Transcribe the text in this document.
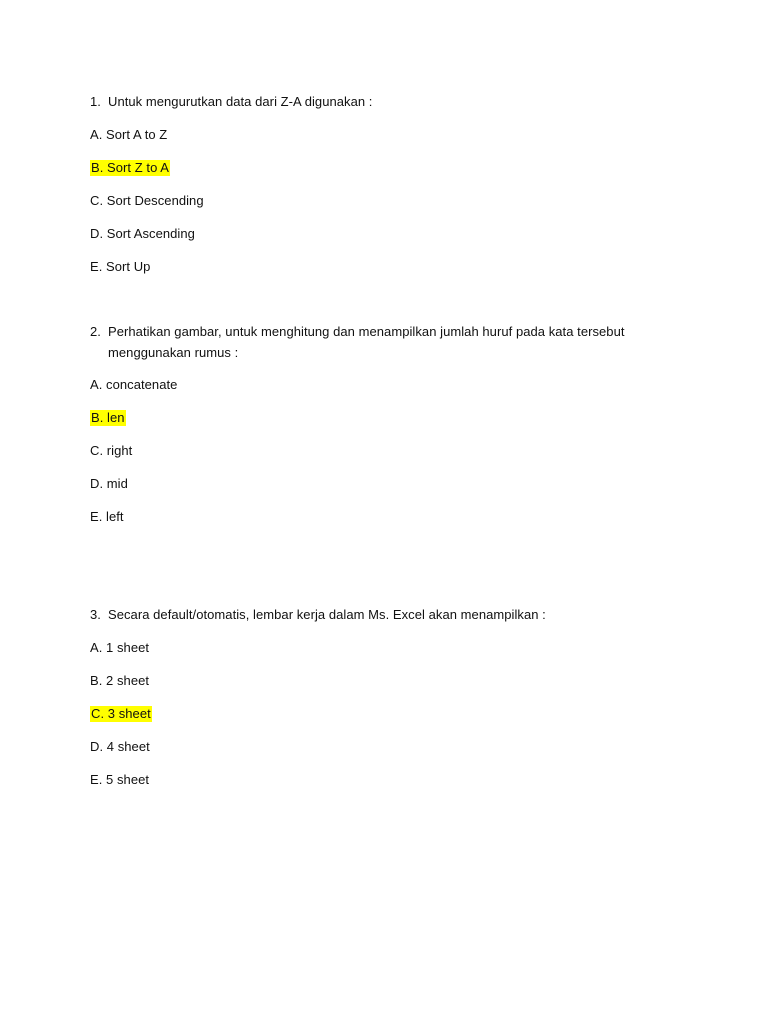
1. Untuk mengurutkan data dari Z-A digunakan :
A. Sort A to Z
B. Sort Z to A
C. Sort Descending
D. Sort Ascending
E. Sort Up
2. Perhatikan gambar, untuk menghitung dan menampilkan jumlah huruf pada kata tersebut
menggunakan rumus :
A. concatenate
B. len
C. right
D. mid
E. left
3. Secara default/otomatis, lembar kerja dalam Ms. Excel akan menampilkan :
A. 1 sheet
B. 2 sheet
C. 3 sheet
D. 4 sheet
E. 5 sheet
